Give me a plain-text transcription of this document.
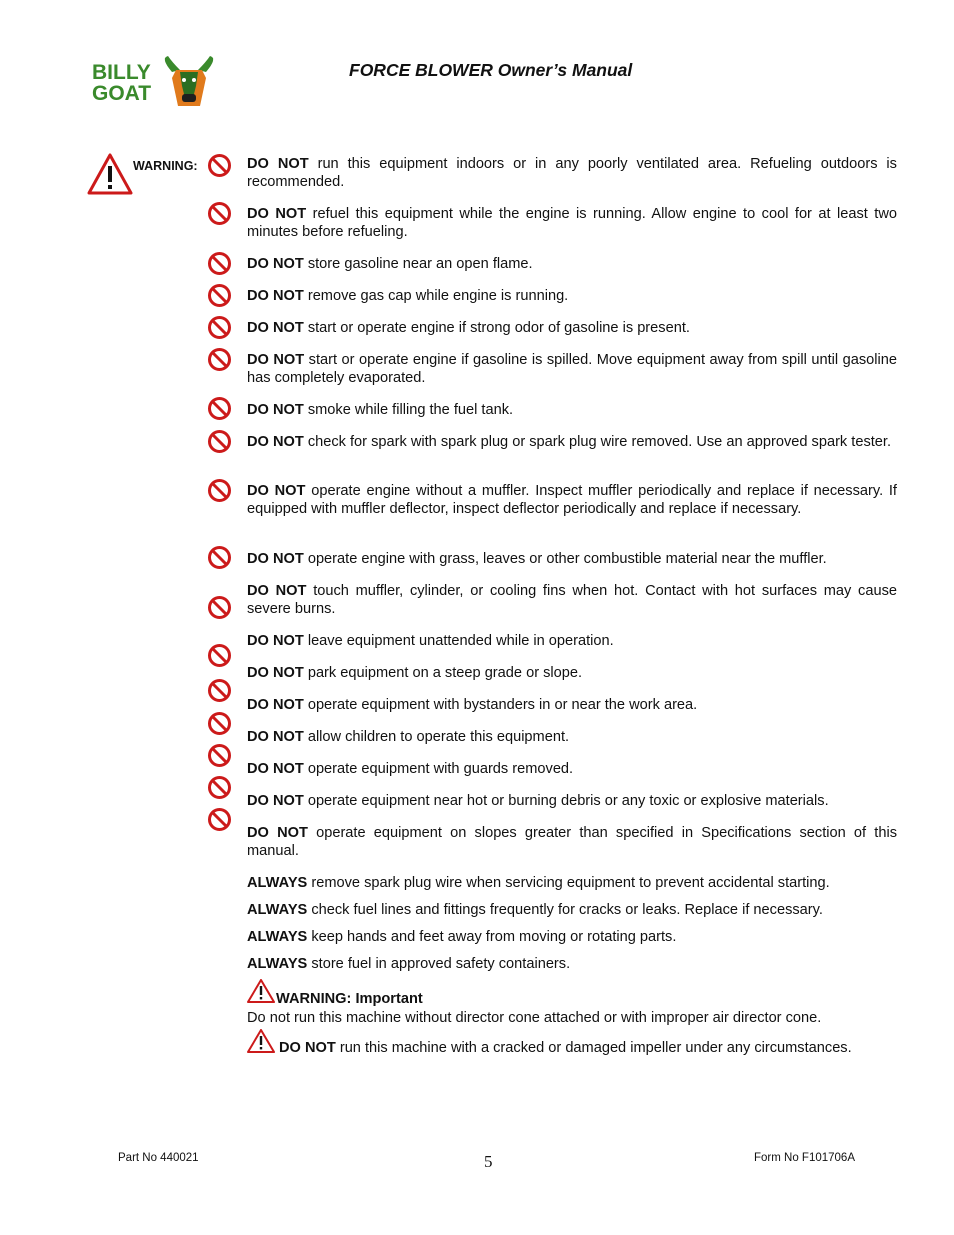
BILLY
GOAT
FORCE BLOWER Owner’s Manual
WARNING:	DO NOT run this equipment indoors or in any poorly ventilated area. Refueling outdoors is recommended.
DO NOT refuel this equipment while the engine is running. Allow engine to cool for at least two minutes before refueling.
DO NOT store gasoline near an open flame.
DO NOT remove gas cap while engine is running.
DO NOT start or operate engine if strong odor of gasoline is present.
DO NOT start or operate engine if gasoline is spilled. Move equipment away from spill until gasoline has completely evaporated.
DO NOT smoke while filling the fuel tank.
DO NOT check for spark with spark plug or spark plug wire removed. Use an approved spark tester.
DO NOT operate engine without a muffler. Inspect muffler periodically and replace if necessary. If equipped with muffler deflector, inspect deflector periodically and replace if necessary.
DO NOT operate engine with grass, leaves or other combustible material near the muffler.
DO NOT touch muffler, cylinder, or cooling fins when hot. Contact with hot surfaces may cause severe burns.
DO NOT leave equipment unattended while in operation.
DO NOT park equipment on a steep grade or slope.
DO NOT operate equipment with bystanders in or near the work area.
DO NOT allow children to operate this equipment.
DO NOT operate equipment with guards removed.
DO NOT operate equipment near hot or burning debris or any toxic or explosive materials.
DO NOT operate equipment on slopes greater than specified in Specifications section of this manual.
ALWAYS remove spark plug wire when servicing equipment to prevent accidental starting.
ALWAYS check fuel lines and fittings frequently for cracks or leaks. Replace if necessary.
ALWAYS keep hands and feet away from moving or rotating parts.
ALWAYS store fuel in approved safety containers.
WARNING: Important
Do not run this machine without director cone attached or with improper air director cone.
DO NOT run this machine with a cracked or damaged impeller under any circumstances.
Part No 440021	5	Form No F101706A
